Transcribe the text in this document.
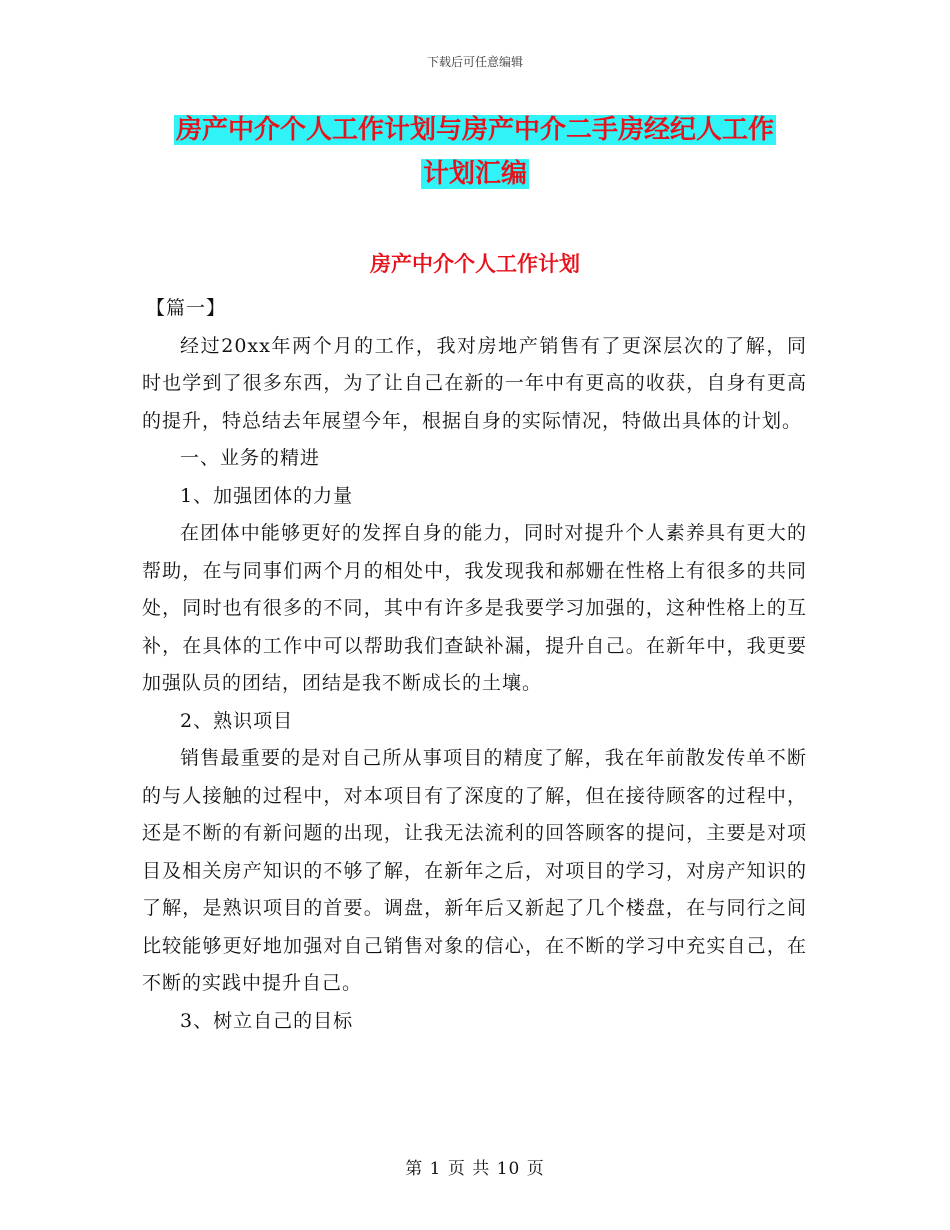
下载后可任意编辑
房产中介个人工作计划与房产中介二手房经纪人工作
计划汇编
房产中介个人工作计划

【篇一】

经过20xx年两个月的工作，我对房地产销售有了更深层次的了解，同时也学到了很多东西，为了让自己在新的一年中有更高的收获，自身有更高的提升，特总结去年展望今年，根据自身的实际情况，特做出具体的计划。

一、业务的精进

1、加强团体的力量

在团体中能够更好的发挥自身的能力，同时对提升个人素养具有更大的帮助，在与同事们两个月的相处中，我发现我和郝姗在性格上有很多的共同处，同时也有很多的不同，其中有许多是我要学习加强的，这种性格上的互补，在具体的工作中可以帮助我们查缺补漏，提升自己。在新年中，我更要加强队员的团结，团结是我不断成长的土壤。

2、熟识项目

销售最重要的是对自己所从事项目的精度了解，我在年前散发传单不断的与人接触的过程中，对本项目有了深度的了解，但在接待顾客的过程中，还是不断的有新问题的出现，让我无法流利的回答顾客的提问，主要是对项目及相关房产知识的不够了解，在新年之后，对项目的学习，对房产知识的了解，是熟识项目的首要。调盘，新年后又新起了几个楼盘，在与同行之间比较能够更好地加强对自己销售对象的信心，在不断的学习中充实自己，在不断的实践中提升自己。

3、树立自己的目标

第 1 页 共 10 页
